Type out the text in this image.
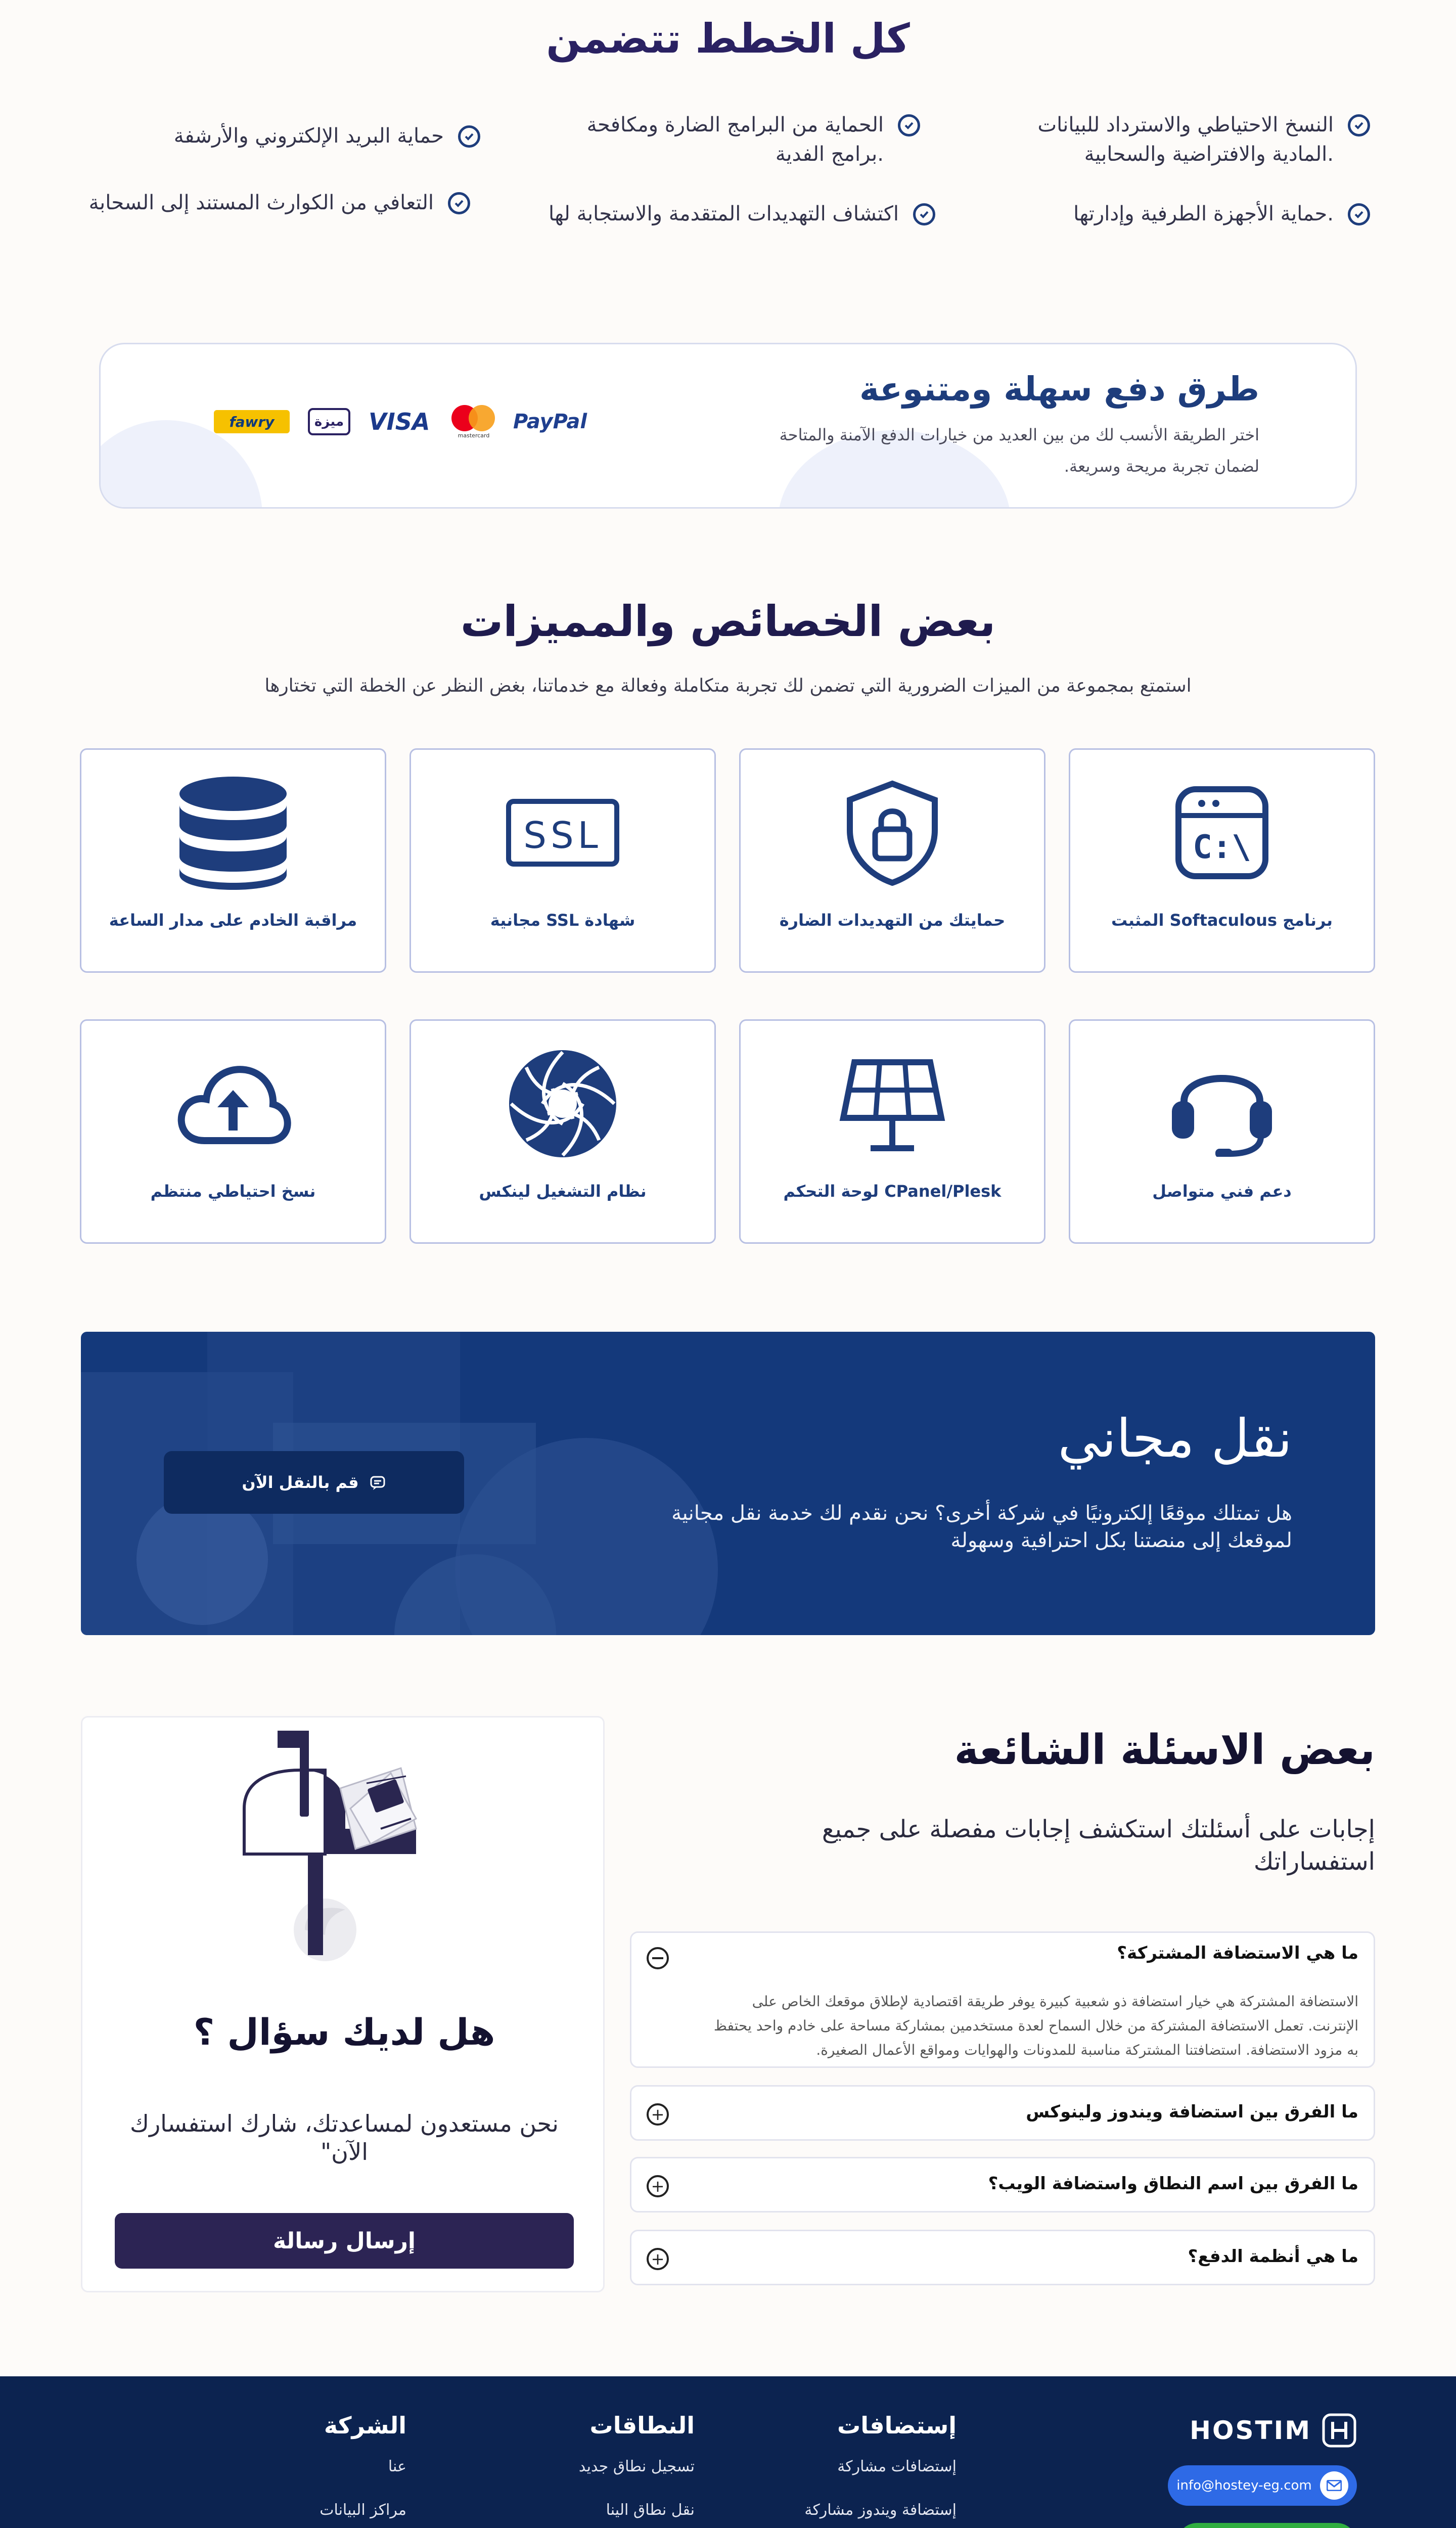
كل الخطط تتضمن
النسخ الاحتياطي والاسترداد للبيانات المادية والافتراضية والسحابية.
الحماية من البرامج الضارة ومكافحة برامج الفدية.
حماية البريد الإلكتروني والأرشفة
حماية الأجهزة الطرفية وإدارتها.
اكتشاف التهديدات المتقدمة والاستجابة لها
التعافي من الكوارث المستند إلى السحابة
طرق دفع سهلة ومتنوعة
اختر الطريقة الأنسب لك من بين العديد من خيارات الدفع الآمنة والمتاحة
لضمان تجربة مريحة وسريعة.
fawry	ميزة VISA
mastercard
PayPal
بعض الخصائص والمميزات
استمتع بمجموعة من الميزات الضرورية التي تضمن لك تجربة متكاملة وفعالة مع خدماتنا، بغض النظر عن الخطة التي تختارها
C:\
برنامج Softaculous المثبت
حمايتك من التهديدات الضارة
SSL
شهادة SSL مجانية
مراقبة الخادم على مدار الساعة
دعم فني متواصل
CPanel/Plesk لوحة التحكم
نظام التشغيل لينكس
نسخ احتياطي منتظم
نقل مجاني
هل تمتلك موقعًا إلكترونيًا في شركة أخرى؟ نحن نقدم لك خدمة نقل مجانية
لموقعك إلى منصتنا بكل احترافية وسهولة
قم بالنقل الآن
بعض الاسئلة الشائعة
إجابات على أسئلتك استكشف إجابات مفصلة على جميع
استفساراتك
ما هي الاستضافة المشتركة؟
الاستضافة المشتركة هي خيار استضافة ذو شعبية كبيرة يوفر طريقة اقتصادية لإطلاق موقعك الخاص على
الإنترنت. تعمل الاستضافة المشتركة من خلال السماح لعدة مستخدمين بمشاركة مساحة على خادم واحد يحتفظ
به مزود الاستضافة. استضافتنا المشتركة مناسبة للمدونات والهوايات ومواقع الأعمال الصغيرة.
ما الفرق بين استضافة ويندوز ولينوكس
+
ما الفرق بين اسم النطاق واستضافة الويب؟
+
ما هي أنظمة الدفع؟
+
هل لديك سؤال ؟
نحن مستعدون لمساعدتك، شارك استفسارك
الآن"
إرسال رسالة
HOSTIM
info@hostey-eg.com
إستضافات
إستضافات مشاركة
إستضافة ويندوز مشاركة
النطاقات
تسجيل نطاق جديد
نقل نطاق الينا
الشركة
عنا
مراكز البيانات
